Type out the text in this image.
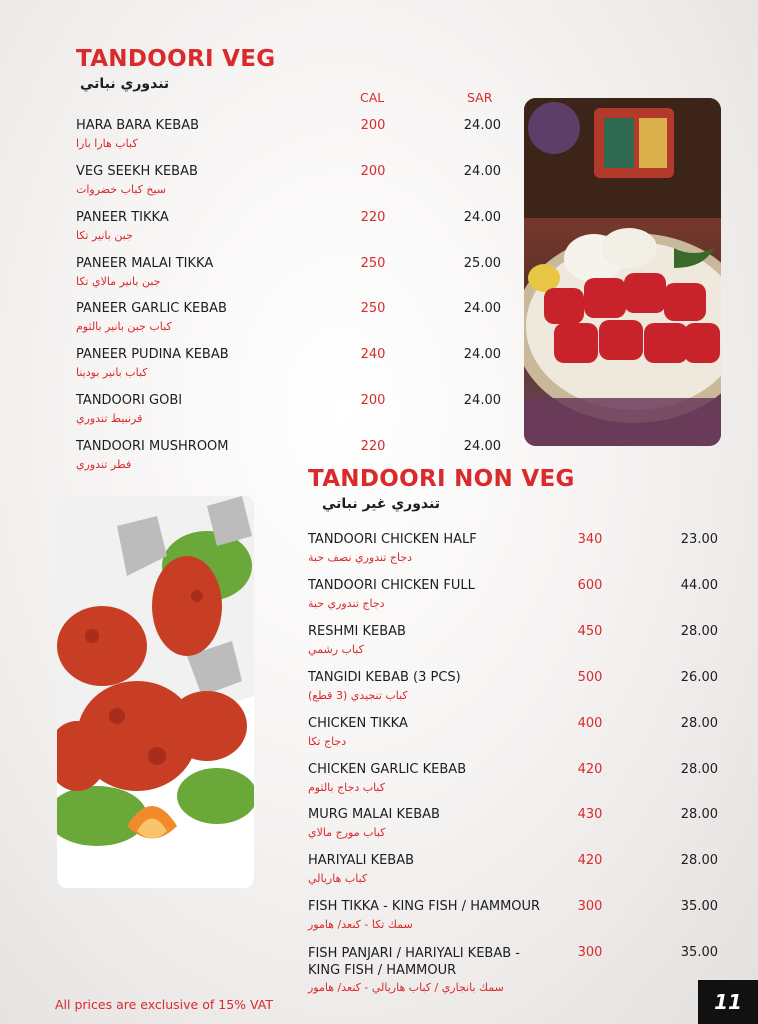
TANDOORI VEG
تندوري نباتي
CAL	SAR
HARA BARA KEBAB
كباب هارا بارا
200	24.00
VEG SEEKH KEBAB
سيخ كباب خضروات
200	24.00
PANEER TIKKA
جبن بانير تكا
220	24.00
PANEER MALAI TIKKA
جبن بانير مالاي تكا
250	25.00
PANEER GARLIC KEBAB
كباب جبن بانير بالثوم
250	24.00
PANEER PUDINA KEBAB
كباب بانير بودينا
240	24.00
TANDOORI GOBI
قرنبيط تندوري
200	24.00
TANDOORI MUSHROOM
فطر تندوري
220	24.00
TANDOORI NON VEG
تندوري غير نباتي
TANDOORI CHICKEN HALF
دجاج تندوري نصف حبة
340	23.00
TANDOORI CHICKEN FULL
دجاج تندوري حبة
600	44.00
RESHMI KEBAB
كباب رشمي
450	28.00
TANGIDI KEBAB (3 PCS)
كباب تنجيدي (3 قطع)
500	26.00
CHICKEN TIKKA
دجاج تكا
400	28.00
CHICKEN GARLIC KEBAB
كباب دجاج بالثوم
420	28.00
MURG MALAI KEBAB
كباب مورج مالاي
430	28.00
HARIYALI KEBAB
كباب هاريالي
420	28.00
FISH TIKKA - KING FISH / HAMMOUR
سمك تكا - كنعد/ هامور
300	35.00
FISH PANJARI / HARIYALI KEBAB - KING FISH / HAMMOUR
سمك بانجاري / كباب هاريالي - كنعد/ هامور
300	35.00
All prices are exclusive of 15% VAT	11
